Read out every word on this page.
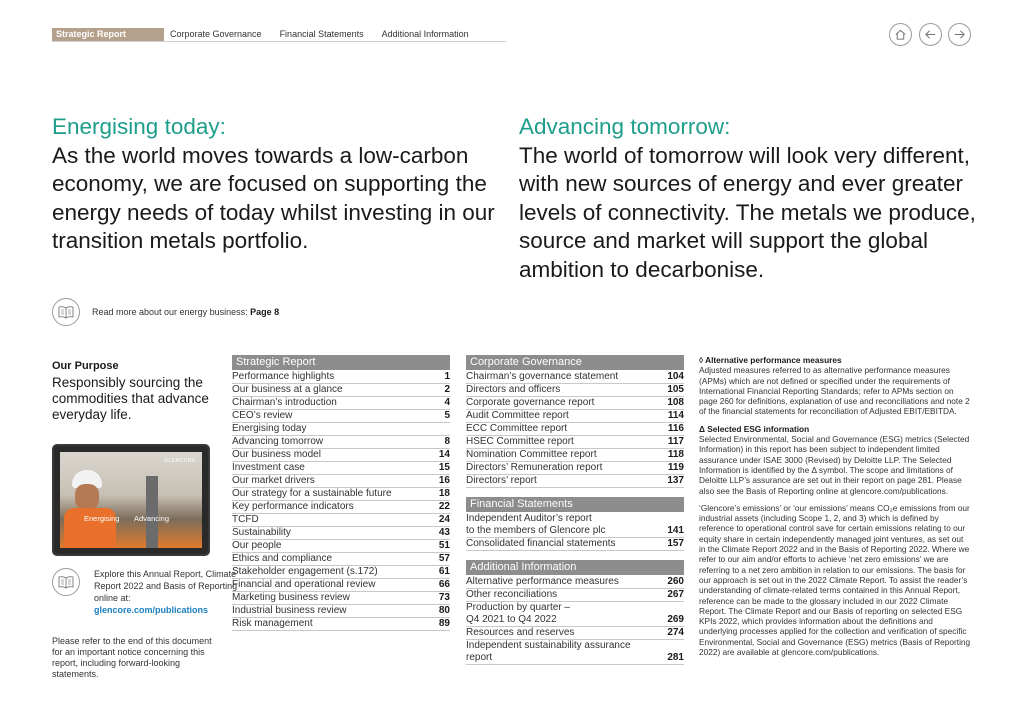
Strategic Report	Corporate Governance	Financial Statements	Additional Information
Energising today:
As the world moves towards a low-carbon economy, we are focused on supporting the energy needs of today whilst investing in our transition metals portfolio.
Advancing tomorrow:
The world of tomorrow will look very different, with new sources of energy and ever greater levels of connectivity. The metals we produce, source and market will support the global ambition to decarbonise.
Read more about our energy business:
Page 8
Our Purpose
Responsibly sourcing the commodities that advance everyday life.
GLENCORE
Energising Advancing
Explore this Annual Report, Climate Report 2022 and Basis of Reporting online at:
glencore.com/publications
Please refer to the end of this document for an important notice concerning this report, including forward-looking statements.
Strategic Report
Performance highlights	1
Our business at a glance	2
Chairman’s introduction	4
CEO’s review	5
Energising today
Advancing tomorrow	8
Our business model	14
Investment case	15
Our market drivers	16
Our strategy for a sustainable future	18
Key performance indicators	22
TCFD	24
Sustainability	43
Our people	51
Ethics and compliance	57
Stakeholder engagement (s.172)	61
Financial and operational review	66
Marketing business review	73
Industrial business review	80
Risk management	89
Corporate Governance
Chairman’s governance statement	104
Directors and officers	105
Corporate governance report	108
Audit Committee report	114
ECC Committee report	116
HSEC Committee report	117
Nomination Committee report	118
Directors’ Remuneration report	119
Directors’ report	137
Financial Statements
Independent Auditor’s report
to the members of Glencore plc	141
Consolidated financial statements	157
Additional Information
Alternative performance measures	260
Other reconciliations	267
Production by quarter –
Q4 2021 to Q4 2022	269
Resources and reserves	274
Independent sustainability assurance
report	281
◊ Alternative performance measures

Adjusted measures referred to as alternative performance measures (APMs) which are not defined or specified under the requirements of International Financial Reporting Standards; refer to APMs section on page 260 for definitions, explanation of use and reconciliations and note 2 of the financial statements for reconciliation of Adjusted EBIT/EBITDA.

Δ Selected ESG information

Selected Environmental, Social and Governance (ESG) metrics (Selected Information) in this report has been subject to independent limited assurance under ISAE 3000 (Revised) by Deloitte LLP. The Selected Information is identified by the Δ symbol. The scope and limitations of Deloitte LLP’s assurance are set out in their report on page 281. Please also see the Basis of Reporting online at glencore.com/publications.

‘Glencore’s emissions’ or ‘our emissions’ means CO₂e emissions from our industrial assets (including Scope 1, 2, and 3) which is defined by reference to operational control save for certain emissions relating to our equity share in certain independently managed joint ventures, as set out in the Climate Report 2022 and in the Basis of Reporting 2022. Where we refer to our aim and/or efforts to achieve ‘net zero emissions’ we are referring to a net zero ambition in relation to our emissions. The basis for our approach is set out in the 2022 Climate Report. To assist the reader’s understanding of climate-related terms contained in this Annual Report, reference can be made to the glossary included in our 2022 Climate Report. The Climate Report and our Basis of reporting on selected ESG KPIs 2022, which provides information about the definitions and underlying processes applied for the collection and verification of specific Environmental, Social and Governance (ESG) metrics (Basis of Reporting 2022) are available at glencore.com/publications.
